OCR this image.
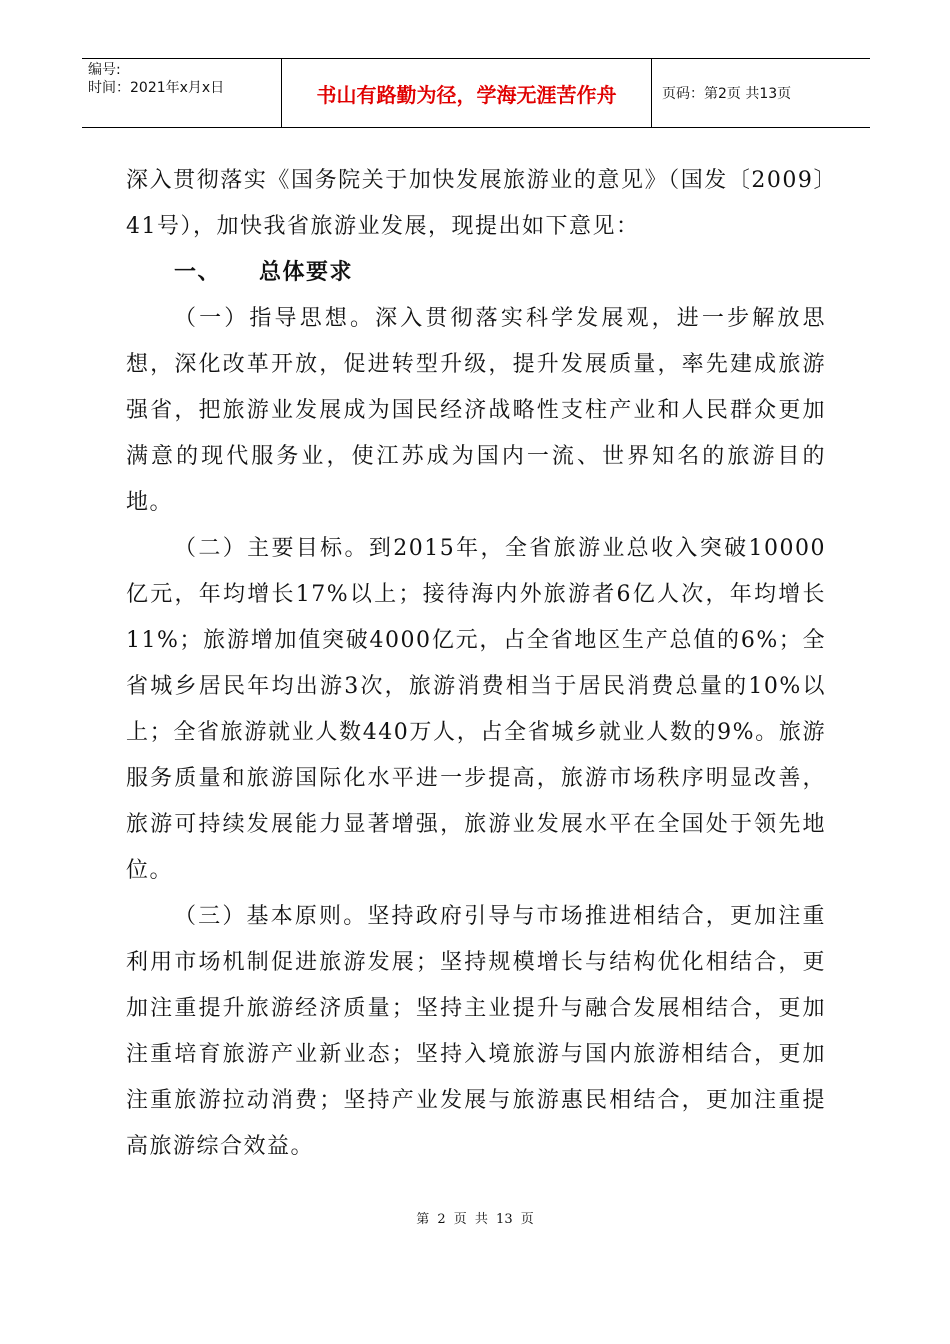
编号:
时间：2021年x月x日	书山有路勤为径，学海无涯苦作舟	页码：第2页 共13页

深入贯彻落实《国务院关于加快发展旅游业的意见》（国发〔2009〕41号），加快我省旅游业发展，现提出如下意见：

一、 总体要求

（一）指导思想。深入贯彻落实科学发展观，进一步解放思想，深化改革开放，促进转型升级，提升发展质量，率先建成旅游强省，把旅游业发展成为国民经济战略性支柱产业和人民群众更加满意的现代服务业，使江苏成为国内一流、世界知名的旅游目的地。

（二）主要目标。到2015年，全省旅游业总收入突破10000亿元，年均增长17%以上；接待海内外旅游者6亿人次，年均增长11%；旅游增加值突破4000亿元，占全省地区生产总值的6%；全省城乡居民年均出游3次，旅游消费相当于居民消费总量的10%以上；全省旅游就业人数440万人，占全省城乡就业人数的9%。旅游服务质量和旅游国际化水平进一步提高，旅游市场秩序明显改善，旅游可持续发展能力显著增强，旅游业发展水平在全国处于领先地位。

（三）基本原则。坚持政府引导与市场推进相结合，更加注重利用市场机制促进旅游发展；坚持规模增长与结构优化相结合，更加注重提升旅游经济质量；坚持主业提升与融合发展相结合，更加注重培育旅游产业新业态；坚持入境旅游与国内旅游相结合，更加注重旅游拉动消费；坚持产业发展与旅游惠民相结合，更加注重提高旅游综合效益。

第 2 页 共 13 页
